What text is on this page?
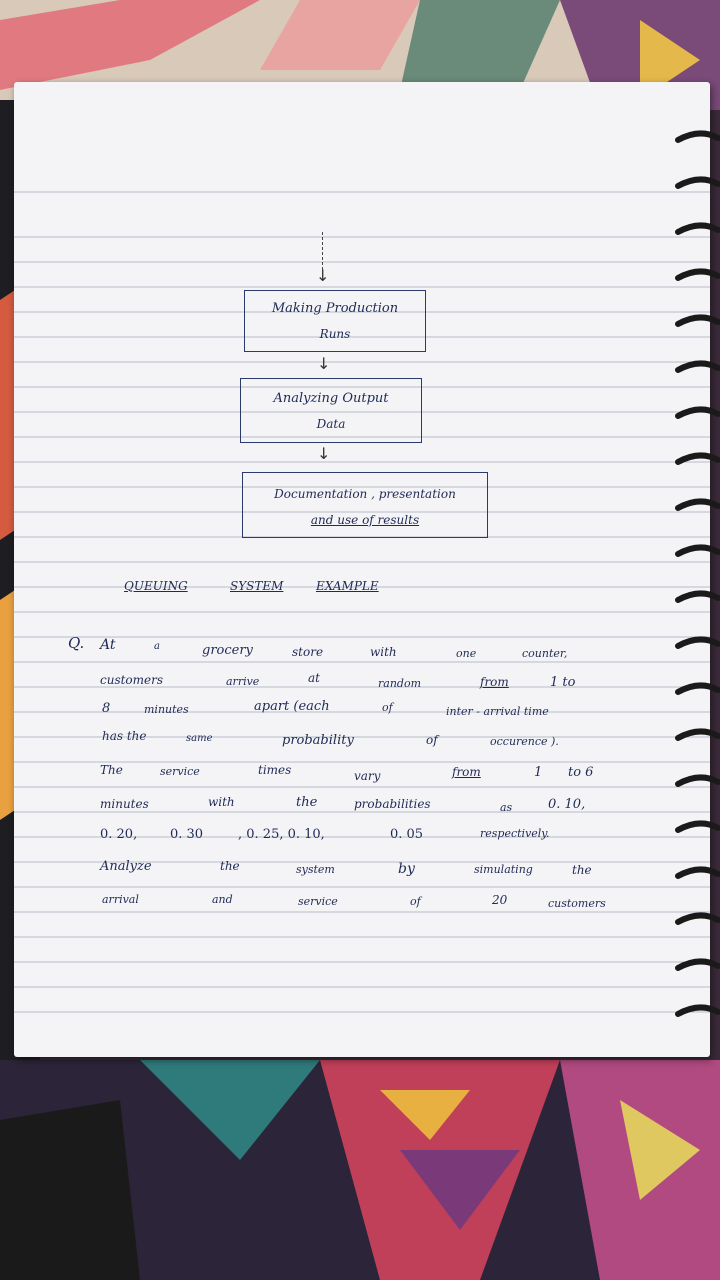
↓
Making Production
Runs
↓
Analyzing Output
Data
↓
Documentation , presentation
and use of results
QUEUING	SYSTEM	EXAMPLE
Q. At	a	grocery	store	with	one	counter,
customers	arrive	at	random	from	1 to
8	minutes	apart (each	of	inter - arrival time
has the	same	probability	of	occurence ).
The	service	times	vary	from	1 to 6
minutes	with	the	probabilities	as	0. 10,
0. 20,	0. 30	, 0. 25, 0. 10,	0. 05	respectively.
Analyze	the	system	by	simulating	the
arrival	and	service	of	20	customers
